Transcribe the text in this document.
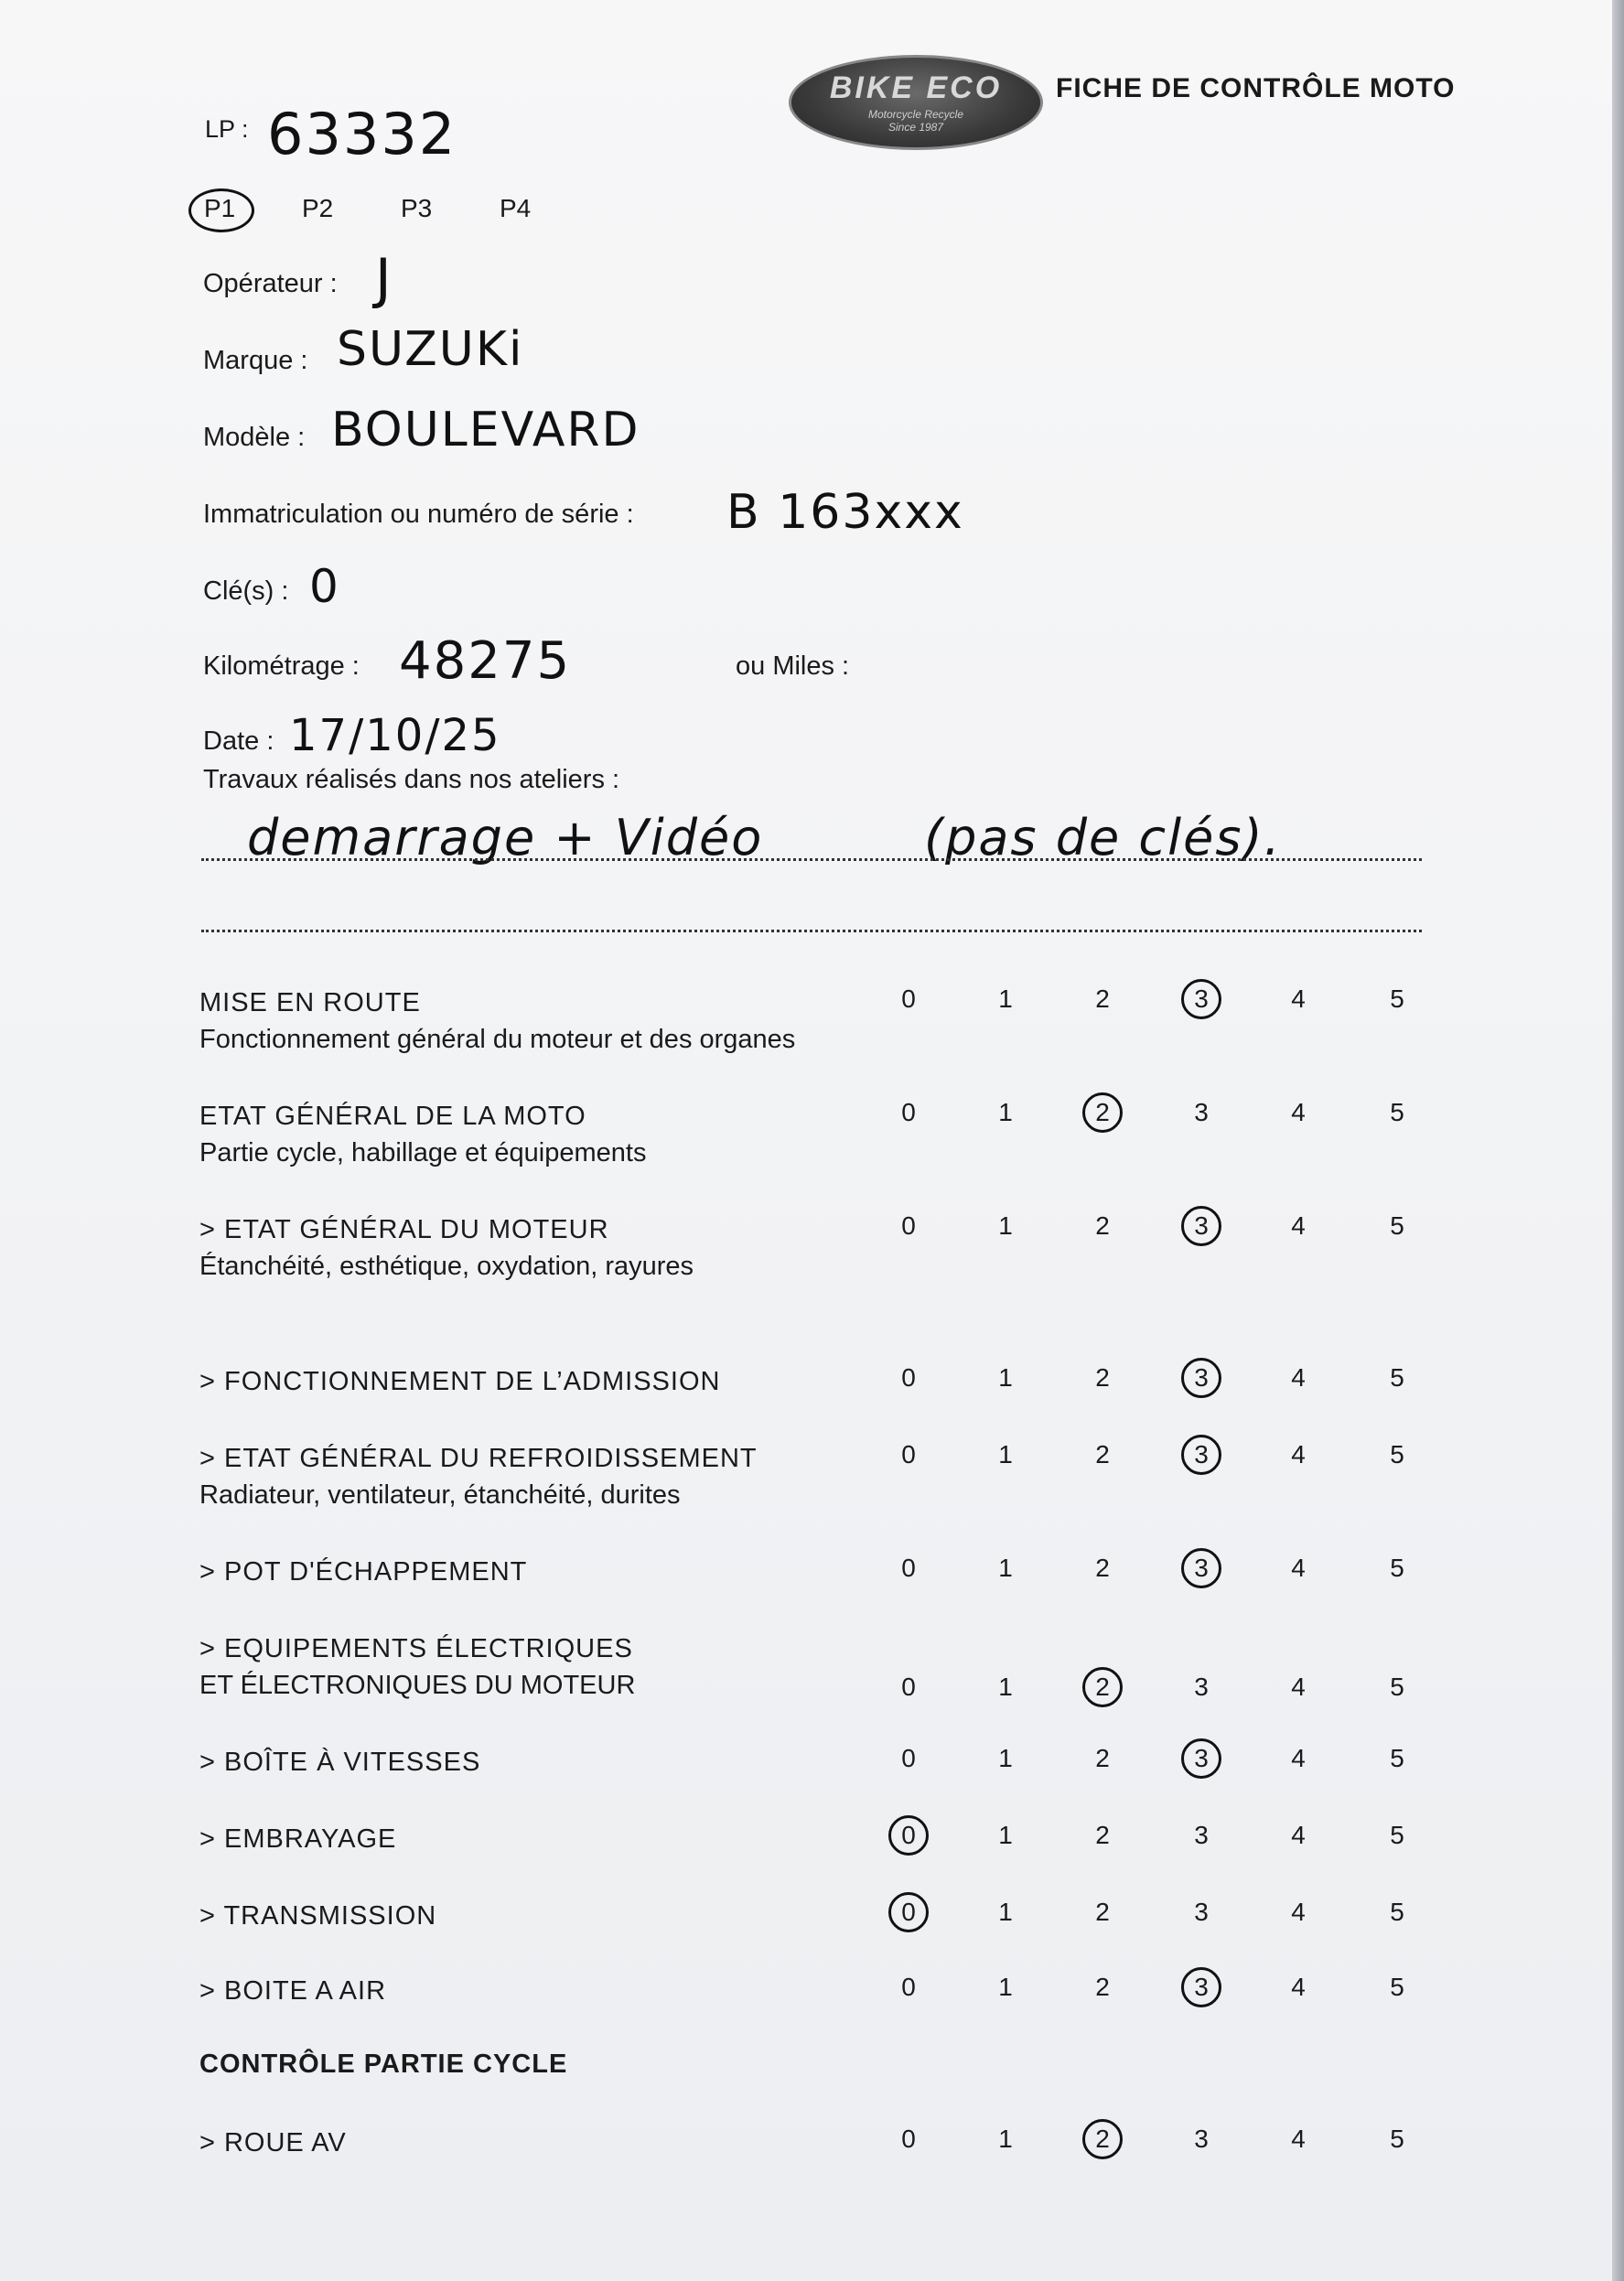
BIKE ECO
Motorcycle Recycle
Since 1987
FICHE DE CONTRÔLE MOTO
LP : 63332
P1	P2	P3	P4
Opérateur : J
Marque : SUZUKi
Modèle : BOULEVARD
Immatriculation ou numéro de série : B 163xxx
Clé(s) : 0
Kilométrage : 48275	ou Miles :
Date : 17/10/25
Travaux réalisés dans nos ateliers :
demarrage + Vidéo	(pas de clés).
MISE EN ROUTE
Fonctionnement général du moteur et des organes
0	1	2	3	4	5
ETAT GÉNÉRAL DE LA MOTO
Partie cycle, habillage et équipements
0	1	2	3	4	5
> ETAT GÉNÉRAL DU MOTEUR
Étanchéité, esthétique, oxydation, rayures
0	1	2	3	4	5
> FONCTIONNEMENT DE L’ADMISSION	0	1	2	3	4	5
> ETAT GÉNÉRAL DU REFROIDISSEMENT
Radiateur, ventilateur, étanchéité, durites
0	1	2	3	4	5
> POT D'ÉCHAPPEMENT	0	1	2	3	4	5
> EQUIPEMENTS ÉLECTRIQUES
ET ÉLECTRONIQUES DU MOTEUR	0	1	2	3	4	5
> BOÎTE À VITESSES	0	1	2	3	4	5
> EMBRAYAGE	0	1	2	3	4	5
> TRANSMISSION	0	1	2	3	4	5
> BOITE A AIR	0	1	2	3	4	5
CONTRÔLE PARTIE CYCLE
> ROUE AV	0	1	2	3	4	5
